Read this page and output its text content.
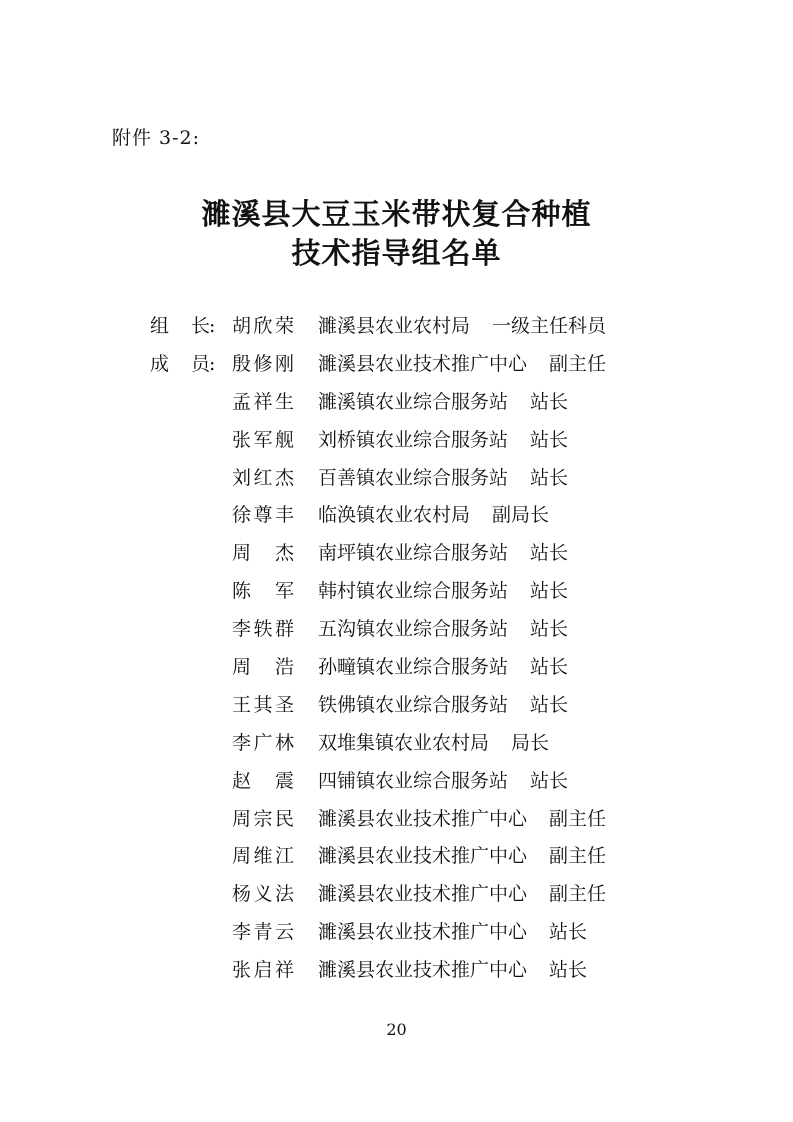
附件 3-2:
濉溪县大豆玉米带状复合种植
技术指导组名单
组长 : 胡欣荣 濉溪县农业农村局 一级主任科员
成员 : 殷修刚 濉溪县农业技术推广中心 副主任
孟祥生 濉溪镇农业综合服务站 站长
张军舰 刘桥镇农业综合服务站 站长
刘红杰 百善镇农业综合服务站 站长
徐尊丰 临涣镇农业农村局 副局长
周杰 南坪镇农业综合服务站 站长
陈军 韩村镇农业综合服务站 站长
李轶群 五沟镇农业综合服务站 站长
周浩 孙疃镇农业综合服务站 站长
王其圣 铁佛镇农业综合服务站 站长
李广林 双堆集镇农业农村局 局长
赵震 四铺镇农业综合服务站 站长
周宗民 濉溪县农业技术推广中心 副主任
周维江 濉溪县农业技术推广中心 副主任
杨义法 濉溪县农业技术推广中心 副主任
李青云 濉溪县农业技术推广中心 站长
张启祥 濉溪县农业技术推广中心 站长
20
